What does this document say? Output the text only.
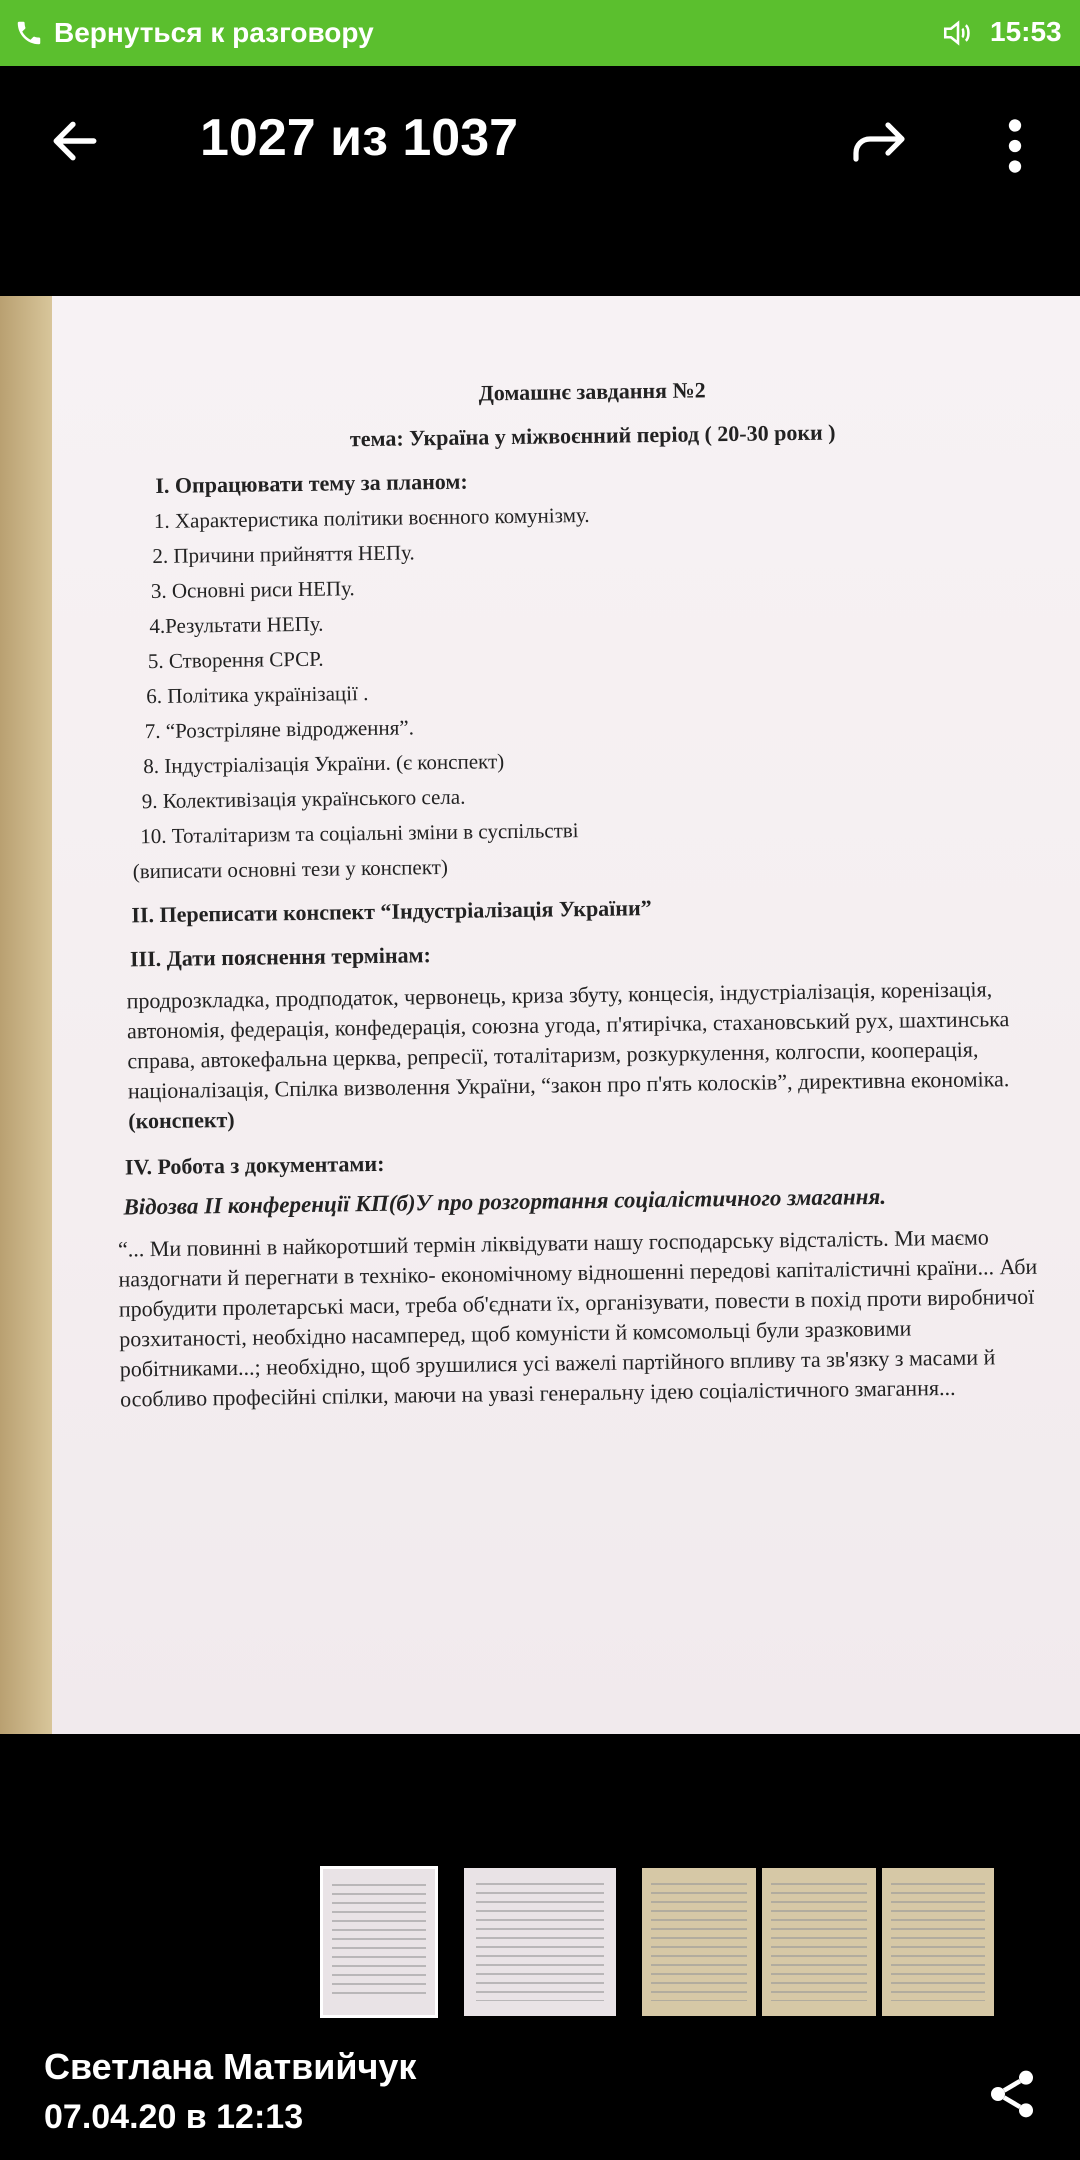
Вернуться к разговору	15:53
1027 из 1037
Домашнє завдання №2
тема: Україна у міжвоєнний період ( 20-30 роки )
I. Опрацювати тему за планом:
1. Характеристика політики воєнного комунізму.
2. Причини прийняття НЕПу.
3. Основні риси НЕПу.
4.Результати НЕПу.
5. Створення СРСР.
6. Політика українізації .
7. “Розстріляне відродження”.
8. Індустріалізація України. (є конспект)
9. Колективізація українського села.
10. Тоталітаризм та соціальні зміни в суспільстві
(виписати основні тези у конспект)
II. Переписати конспект “Індустріалізація України”
III. Дати пояснення термінам:
продрозкладка, продподаток, червонець, криза збуту, концесія, індустріалізація, коренізація, автономія, федерація, конфедерація, союзна угода, п'ятирічка, стахановський рух, шахтинська справа, автокефальна церква, репресії, тоталітаризм, розкуркулення, колгоспи, кооперація, націоналізація, Спілка визволення України, “закон про п'ять колосків”, директивна економіка. (конспект)
IV. Робота з документами:
Відозва II конференції КП(б)У про розгортання соціалістичного змагання.
“... Ми повинні в найкоротший термін ліквідувати нашу господарську відсталість. Ми маємо наздогнати й перегнати в техніко- економічному відношенні передові капіталістичні країни... Аби пробудити пролетарські маси, треба об'єднати їх, організувати, повести в похід проти виробничої розхитаності, необхідно насамперед, щоб комуністи й комсомольці були зразковими робітниками...; необхідно, щоб зрушилися усі важелі партійного впливу та зв'язку з масами й особливо професійні спілки, маючи на увазі генеральну ідею соціалістичного змагання...
Светлана Матвийчук
07.04.20 в 12:13
